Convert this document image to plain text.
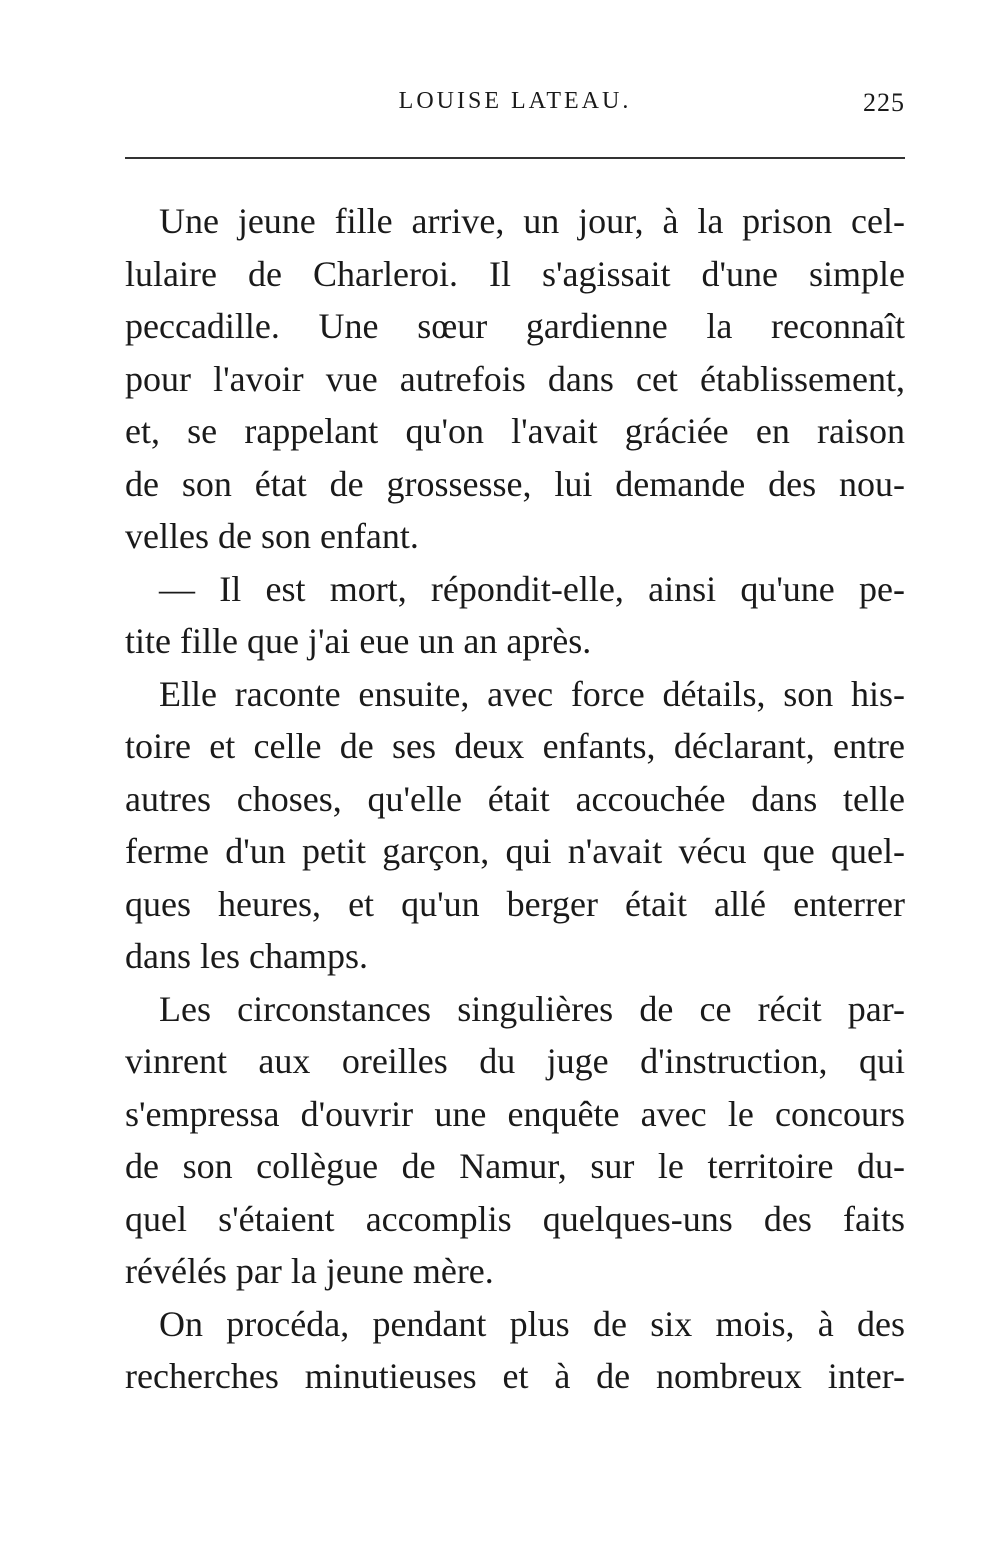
LOUISE LATEAU.	225
Une jeune fille arrive, un jour, à la prison cel-
lulaire de Charleroi. Il s'agissait d'une simple
peccadille. Une sœur gardienne la reconnaît
pour l'avoir vue autrefois dans cet établissement,
et, se rappelant qu'on l'avait gráciée en raison
de son état de grossesse, lui demande des nou-
velles de son enfant.
— Il est mort, répondit-elle, ainsi qu'une pe-
tite fille que j'ai eue un an après.
Elle raconte ensuite, avec force détails, son his-
toire et celle de ses deux enfants, déclarant, entre
autres choses, qu'elle était accouchée dans telle
ferme d'un petit garçon, qui n'avait vécu que quel-
ques heures, et qu'un berger était allé enterrer
dans les champs.
Les circonstances singulières de ce récit par-
vinrent aux oreilles du juge d'instruction, qui
s'empressa d'ouvrir une enquête avec le concours
de son collègue de Namur, sur le territoire du-
quel s'étaient accomplis quelques-uns des faits
révélés par la jeune mère.
On procéda, pendant plus de six mois, à des
recherches minutieuses et à de nombreux inter-
